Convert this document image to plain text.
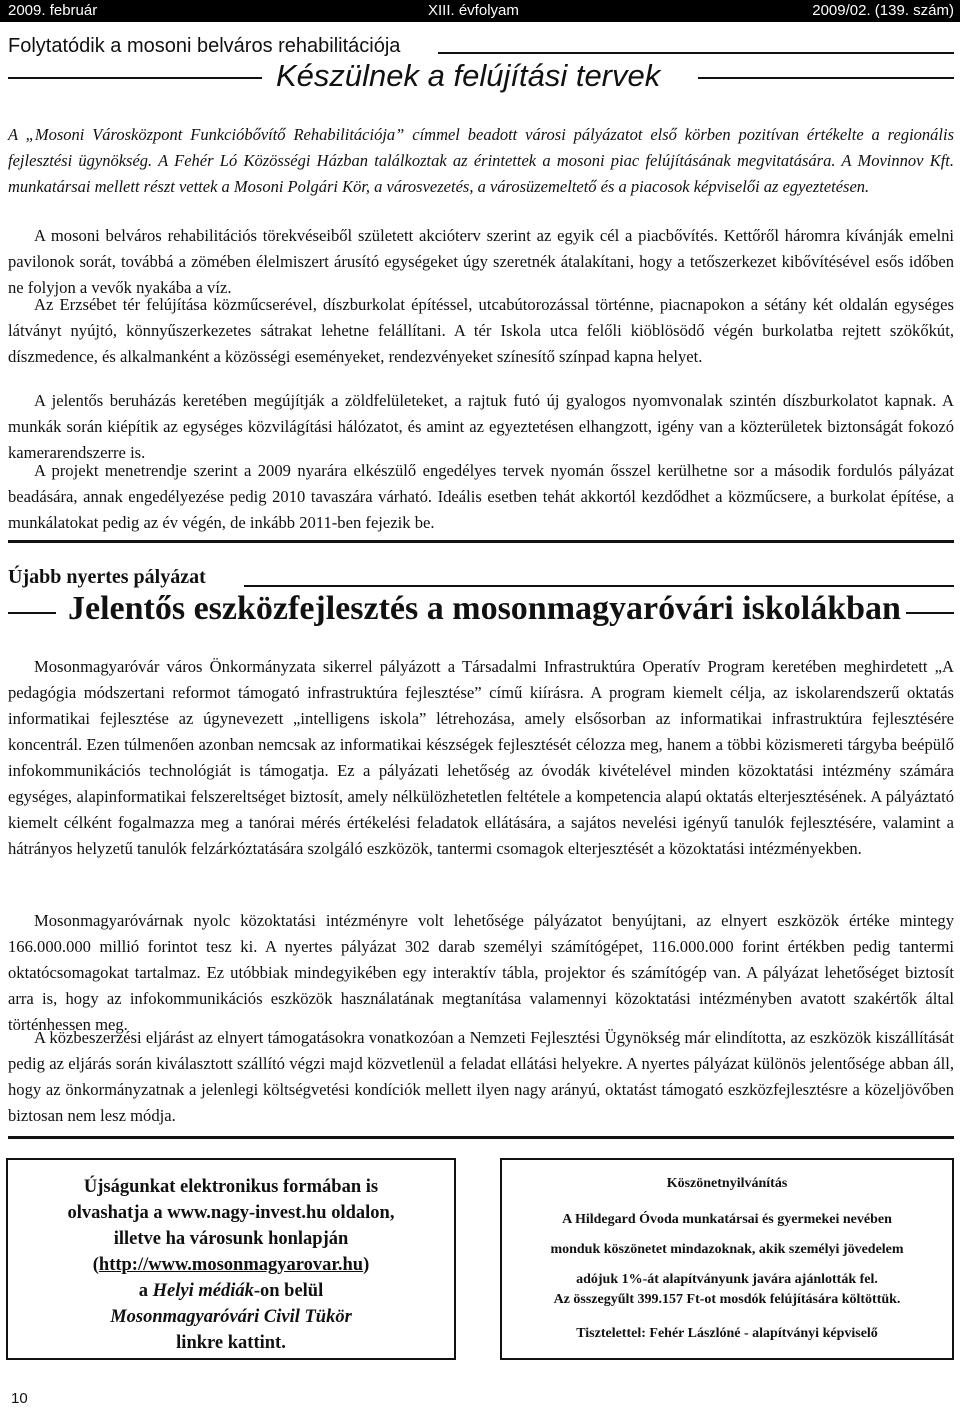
2009. február	XIII. évfolyam	2009/02. (139. szám)
Folytatódik a mosoni belváros rehabilitációja
Készülnek a felújítási tervek

A „Mosoni Városközpont Funkcióbővítő Rehabilitációja” címmel beadott városi pályázatot első körben pozitívan értékelte a regionális fejlesztési ügynökség. A Fehér Ló Közösségi Házban találkoztak az érintettek a mosoni piac felújításának megvitatására. A Movinnov Kft. munkatársai mellett részt vettek a Mosoni Polgári Kör, a városvezetés, a városüzemeltető és a piacosok képviselői az egyeztetésen.

A mosoni belváros rehabilitációs törekvéseiből született akcióterv szerint az egyik cél a piacbővítés. Kettőről háromra kívánják emelni pavilonok sorát, továbbá a zömében élelmiszert árusító egységeket úgy szeretnék átalakítani, hogy a tetőszerkezet kibővítésével esős időben ne folyjon a vevők nyakába a víz.

Az Erzsébet tér felújítása közműcserével, díszburkolat építéssel, utcabútorozással történne, piacnapokon a sétány két oldalán egységes látványt nyújtó, könnyűszerkezetes sátrakat lehetne felállítani. A tér Iskola utca felőli kiöblösödő végén burkolatba rejtett szökőkút, díszmedence, és alkalmanként a közösségi eseményeket, rendezvényeket színesítő színpad kapna helyet.

A jelentős beruházás keretében megújítják a zöldfelületeket, a rajtuk futó új gyalogos nyomvonalak szintén díszburkolatot kapnak. A munkák során kiépítik az egységes közvilágítási hálózatot, és amint az egyeztetésen elhangzott, igény van a közterületek biztonságát fokozó kamerarendszerre is.

A projekt menetrendje szerint a 2009 nyarára elkészülő engedélyes tervek nyomán ősszel kerülhetne sor a második fordulós pályázat beadására, annak engedélyezése pedig 2010 tavaszára várható. Ideális esetben tehát akkortól kezdődhet a közműcsere, a burkolat építése, a munkálatokat pedig az év végén, de inkább 2011-ben fejezik be.

Újabb nyertes pályázat
Jelentős eszközfejlesztés a mosonmagyaróvári iskolákban

Mosonmagyaróvár város Önkormányzata sikerrel pályázott a Társadalmi Infrastruktúra Operatív Program keretében meghirdetett „A pedagógia módszertani reformot támogató infrastruktúra fejlesztése” című kiírásra. A program kiemelt célja, az iskolarendszerű oktatás informatikai fejlesztése az úgynevezett „intelligens iskola” létrehozása, amely elsősorban az informatikai infrastruktúra fejlesztésére koncentrál. Ezen túlmenően azonban nemcsak az informatikai készségek fejlesztését célozza meg, hanem a többi közismereti tárgyba beépülő infokommunikációs technológiát is támogatja. Ez a pályázati lehetőség az óvodák kivételével minden közoktatási intézmény számára egységes, alapinformatikai felszereltséget biztosít, amely nélkülözhetetlen feltétele a kompetencia alapú oktatás elterjesztésének. A pályáztató kiemelt célként fogalmazza meg a tanórai mérés értékelési feladatok ellátására, a sajátos nevelési igényű tanulók fejlesztésére, valamint a hátrányos helyzetű tanulók felzárkóztatására szolgáló eszközök, tantermi csomagok elterjesztését a közoktatási intézményekben.

Mosonmagyaróvárnak nyolc közoktatási intézményre volt lehetősége pályázatot benyújtani, az elnyert eszközök értéke mintegy 166.000.000 millió forintot tesz ki. A nyertes pályázat 302 darab személyi számítógépet, 116.000.000 forint értékben pedig tantermi oktatócsomagokat tartalmaz. Ez utóbbiak mindegyikében egy interaktív tábla, projektor és számítógép van. A pályázat lehetőséget biztosít arra is, hogy az infokommunikációs eszközök használatának megtanítása valamennyi közoktatási intézményben avatott szakértők által történhessen meg.

A közbeszerzési eljárást az elnyert támogatásokra vonatkozóan a Nemzeti Fejlesztési Ügynökség már elindította, az eszközök kiszállítását pedig az eljárás során kiválasztott szállító végzi majd közvetlenül a feladat ellátási helyekre. A nyertes pályázat különös jelentősége abban áll, hogy az önkormányzatnak a jelenlegi költségvetési kondíciók mellett ilyen nagy arányú, oktatást támogató eszközfejlesztésre a közeljövőben biztosan nem lesz módja.

Újságunkat elektronikus formában is
olvashatja a www.nagy-invest.hu oldalon,
illetve ha városunk honlapján
(http://www.mosonmagyarovar.hu)
a Helyi médiák-on belül
Mosonmagyaróvári Civil Tükör
linkre kattint.

Köszönetnyilvánítás

A Hildegard Óvoda munkatársai és gyermekei nevében

monduk köszönetet mindazoknak, akik személyi jövedelem

adójuk 1%-át alapítványunk javára ajánlották fel.

Az összegyűlt 399.157 Ft-ot mosdók felújítására költöttük.

Tisztelettel: Fehér Lászlóné - alapítványi képviselő

10
